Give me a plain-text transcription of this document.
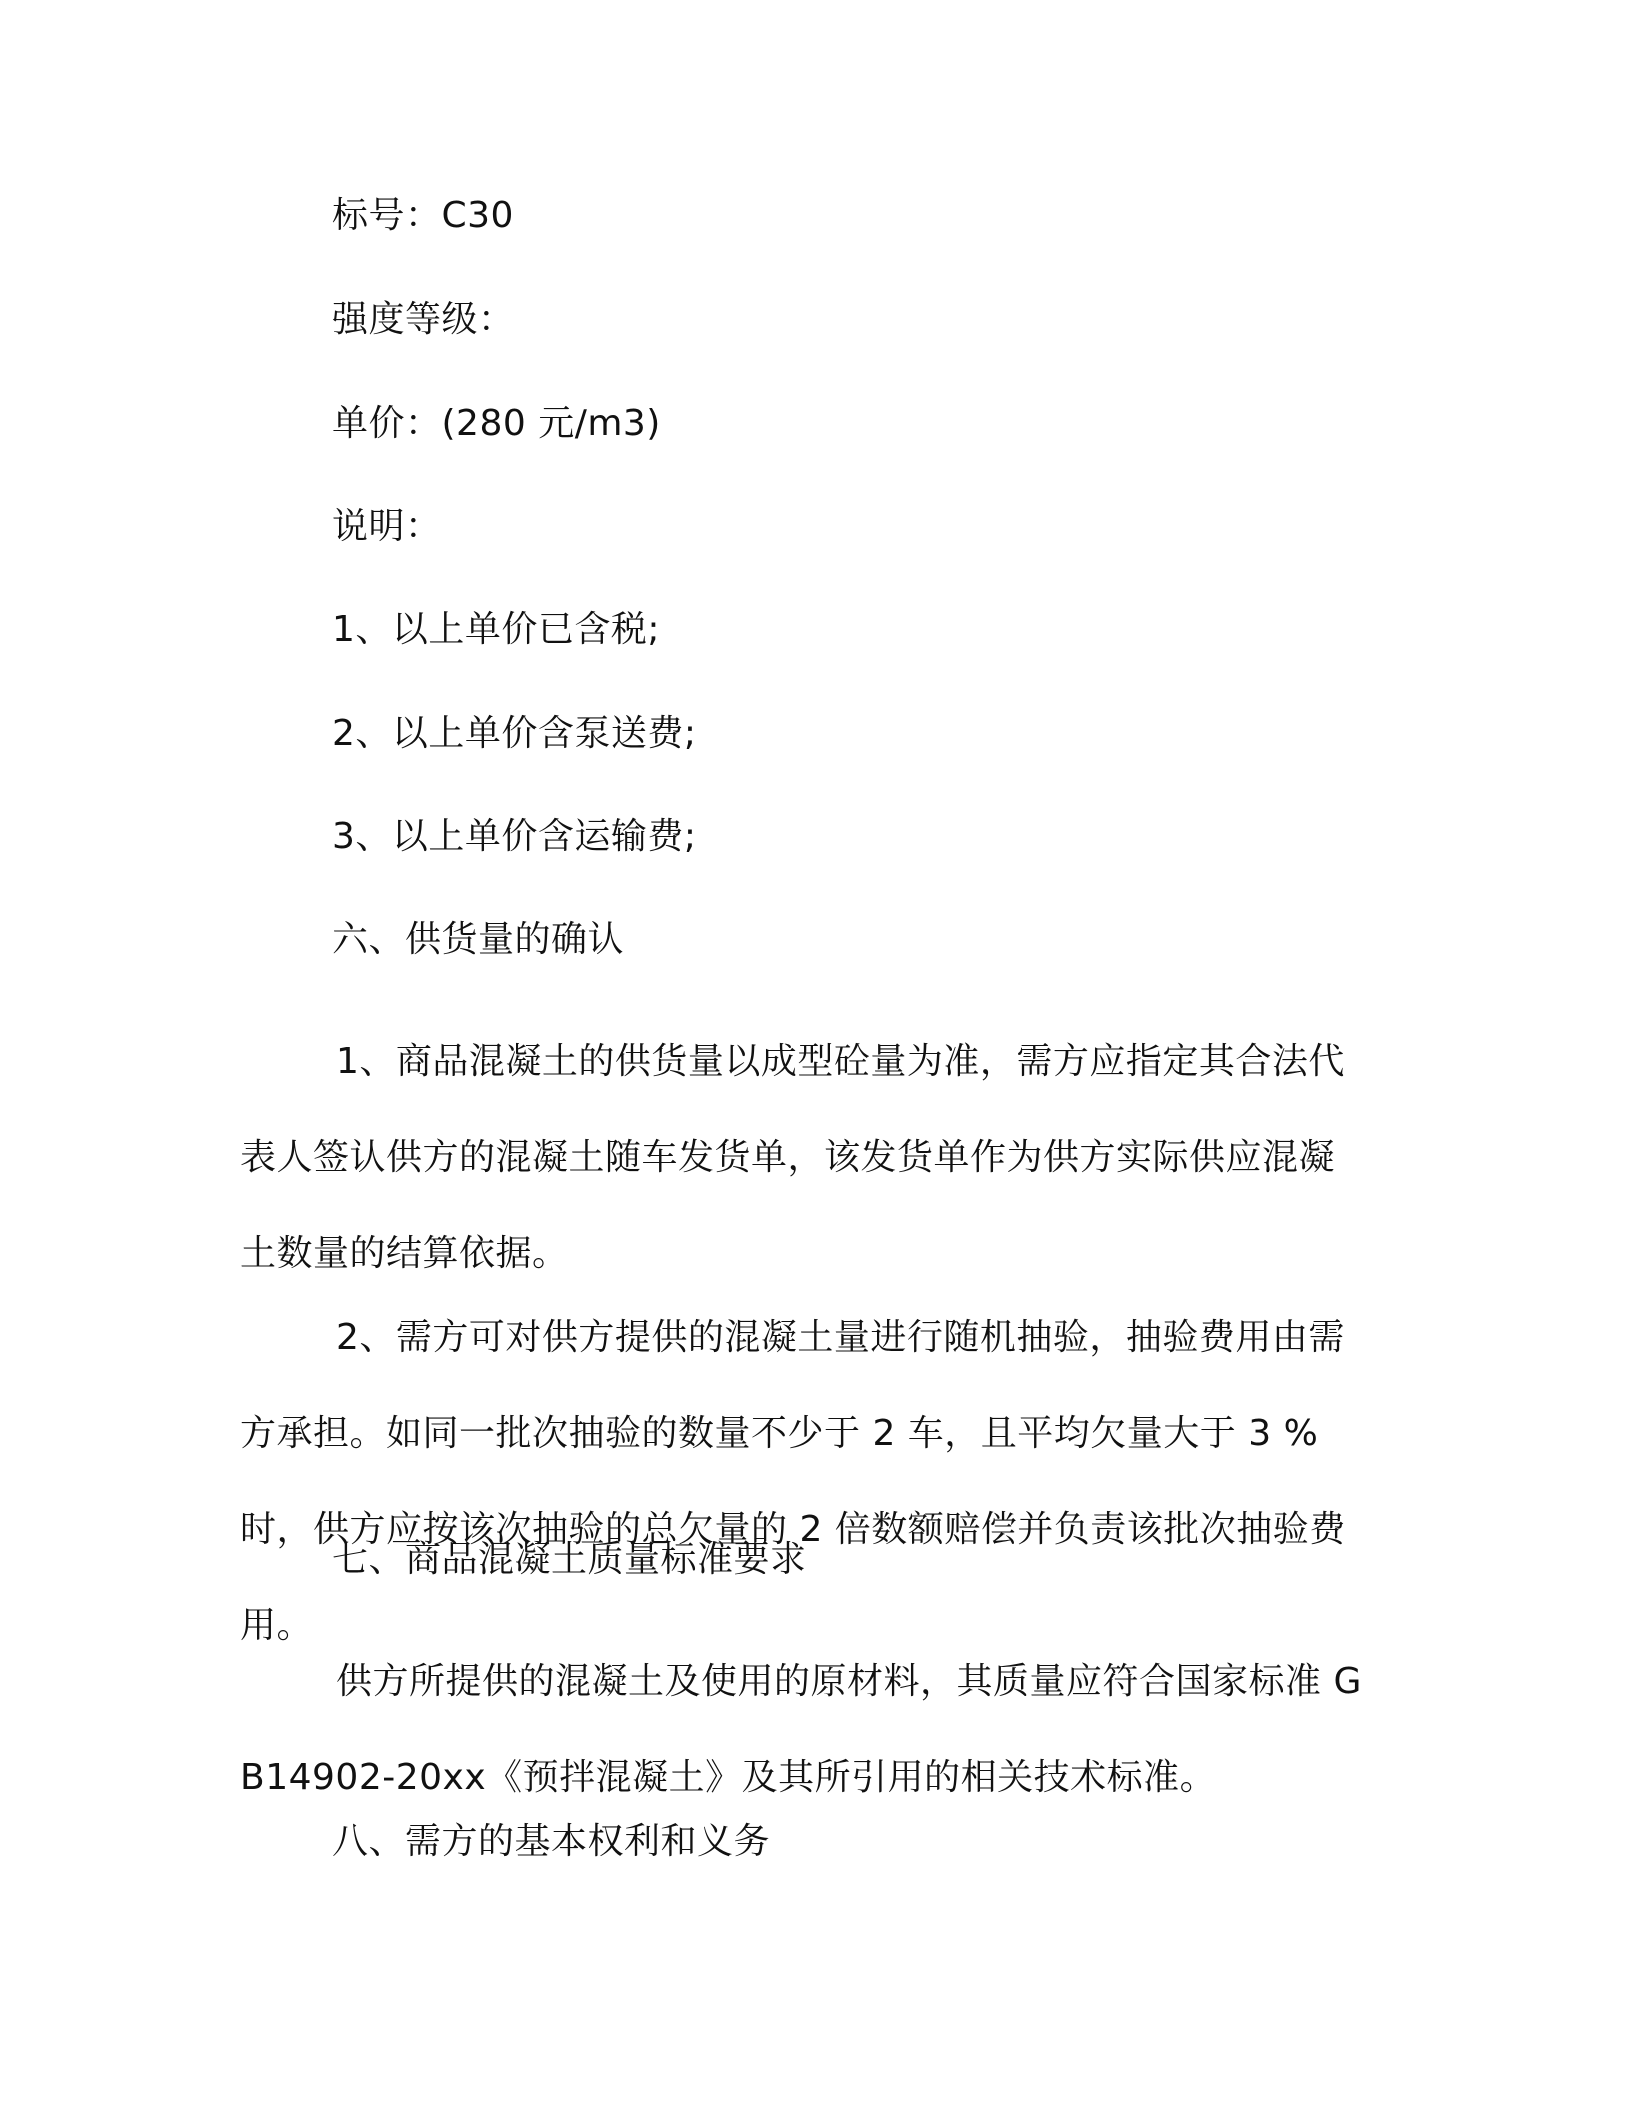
标号：C30
强度等级：
单价：(280 元/m3)
说明：
1、以上单价已含税;
2、以上单价含泵送费;
3、以上单价含运输费;
六、供货量的确认
1、商品混凝土的供货量以成型砼量为准，需方应指定其合法代表人签认供方的混凝土随车发货单，该发货单作为供方实际供应混凝土数量的结算依据。
2、需方可对供方提供的混凝土量进行随机抽验，抽验费用由需方承担。如同一批次抽验的数量不少于 2 车，且平均欠量大于 3 %时，供方应按该次抽验的总欠量的 2 倍数额赔偿并负责该批次抽验费用。
七、商品混凝土质量标准要求
供方所提供的混凝土及使用的原材料，其质量应符合国家标准 GB14902-20xx《预拌混凝土》及其所引用的相关技术标准。
八、需方的基本权利和义务
